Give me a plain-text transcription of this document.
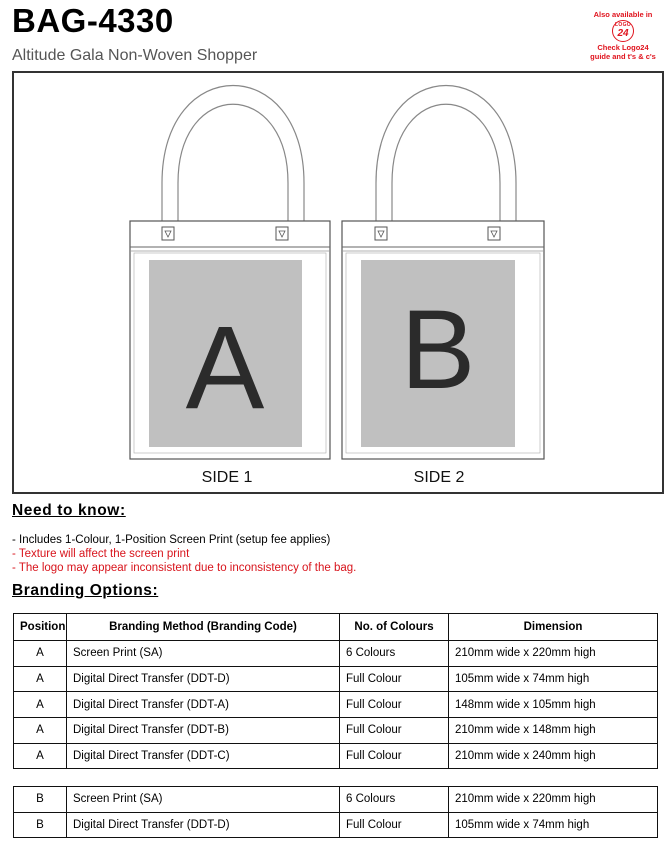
BAG-4330
Altitude Gala Non-Woven Shopper
Also available in
LOGO
24
Check Logo24
guide and t's & c's
A B
SIDE 1	SIDE 2
Need to know:
- Includes 1-Colour, 1-Position Screen Print (setup fee applies)
- Texture will affect the screen print
- The logo may appear inconsistent due to inconsistency of the bag.
Branding Options:
Position	Branding Method (Branding Code)	No. of Colours	Dimension
A	Screen Print (SA)	6 Colours	210mm wide x 220mm high
A	Digital Direct Transfer (DDT-D)	Full Colour	105mm wide x 74mm high
A	Digital Direct Transfer (DDT-A)	Full Colour	148mm wide x 105mm high
A	Digital Direct Transfer (DDT-B)	Full Colour	210mm wide x 148mm high
A	Digital Direct Transfer (DDT-C)	Full Colour	210mm wide x 240mm high
B	Screen Print (SA)	6 Colours	210mm wide x 220mm high
B	Digital Direct Transfer (DDT-D)	Full Colour	105mm wide x 74mm high
